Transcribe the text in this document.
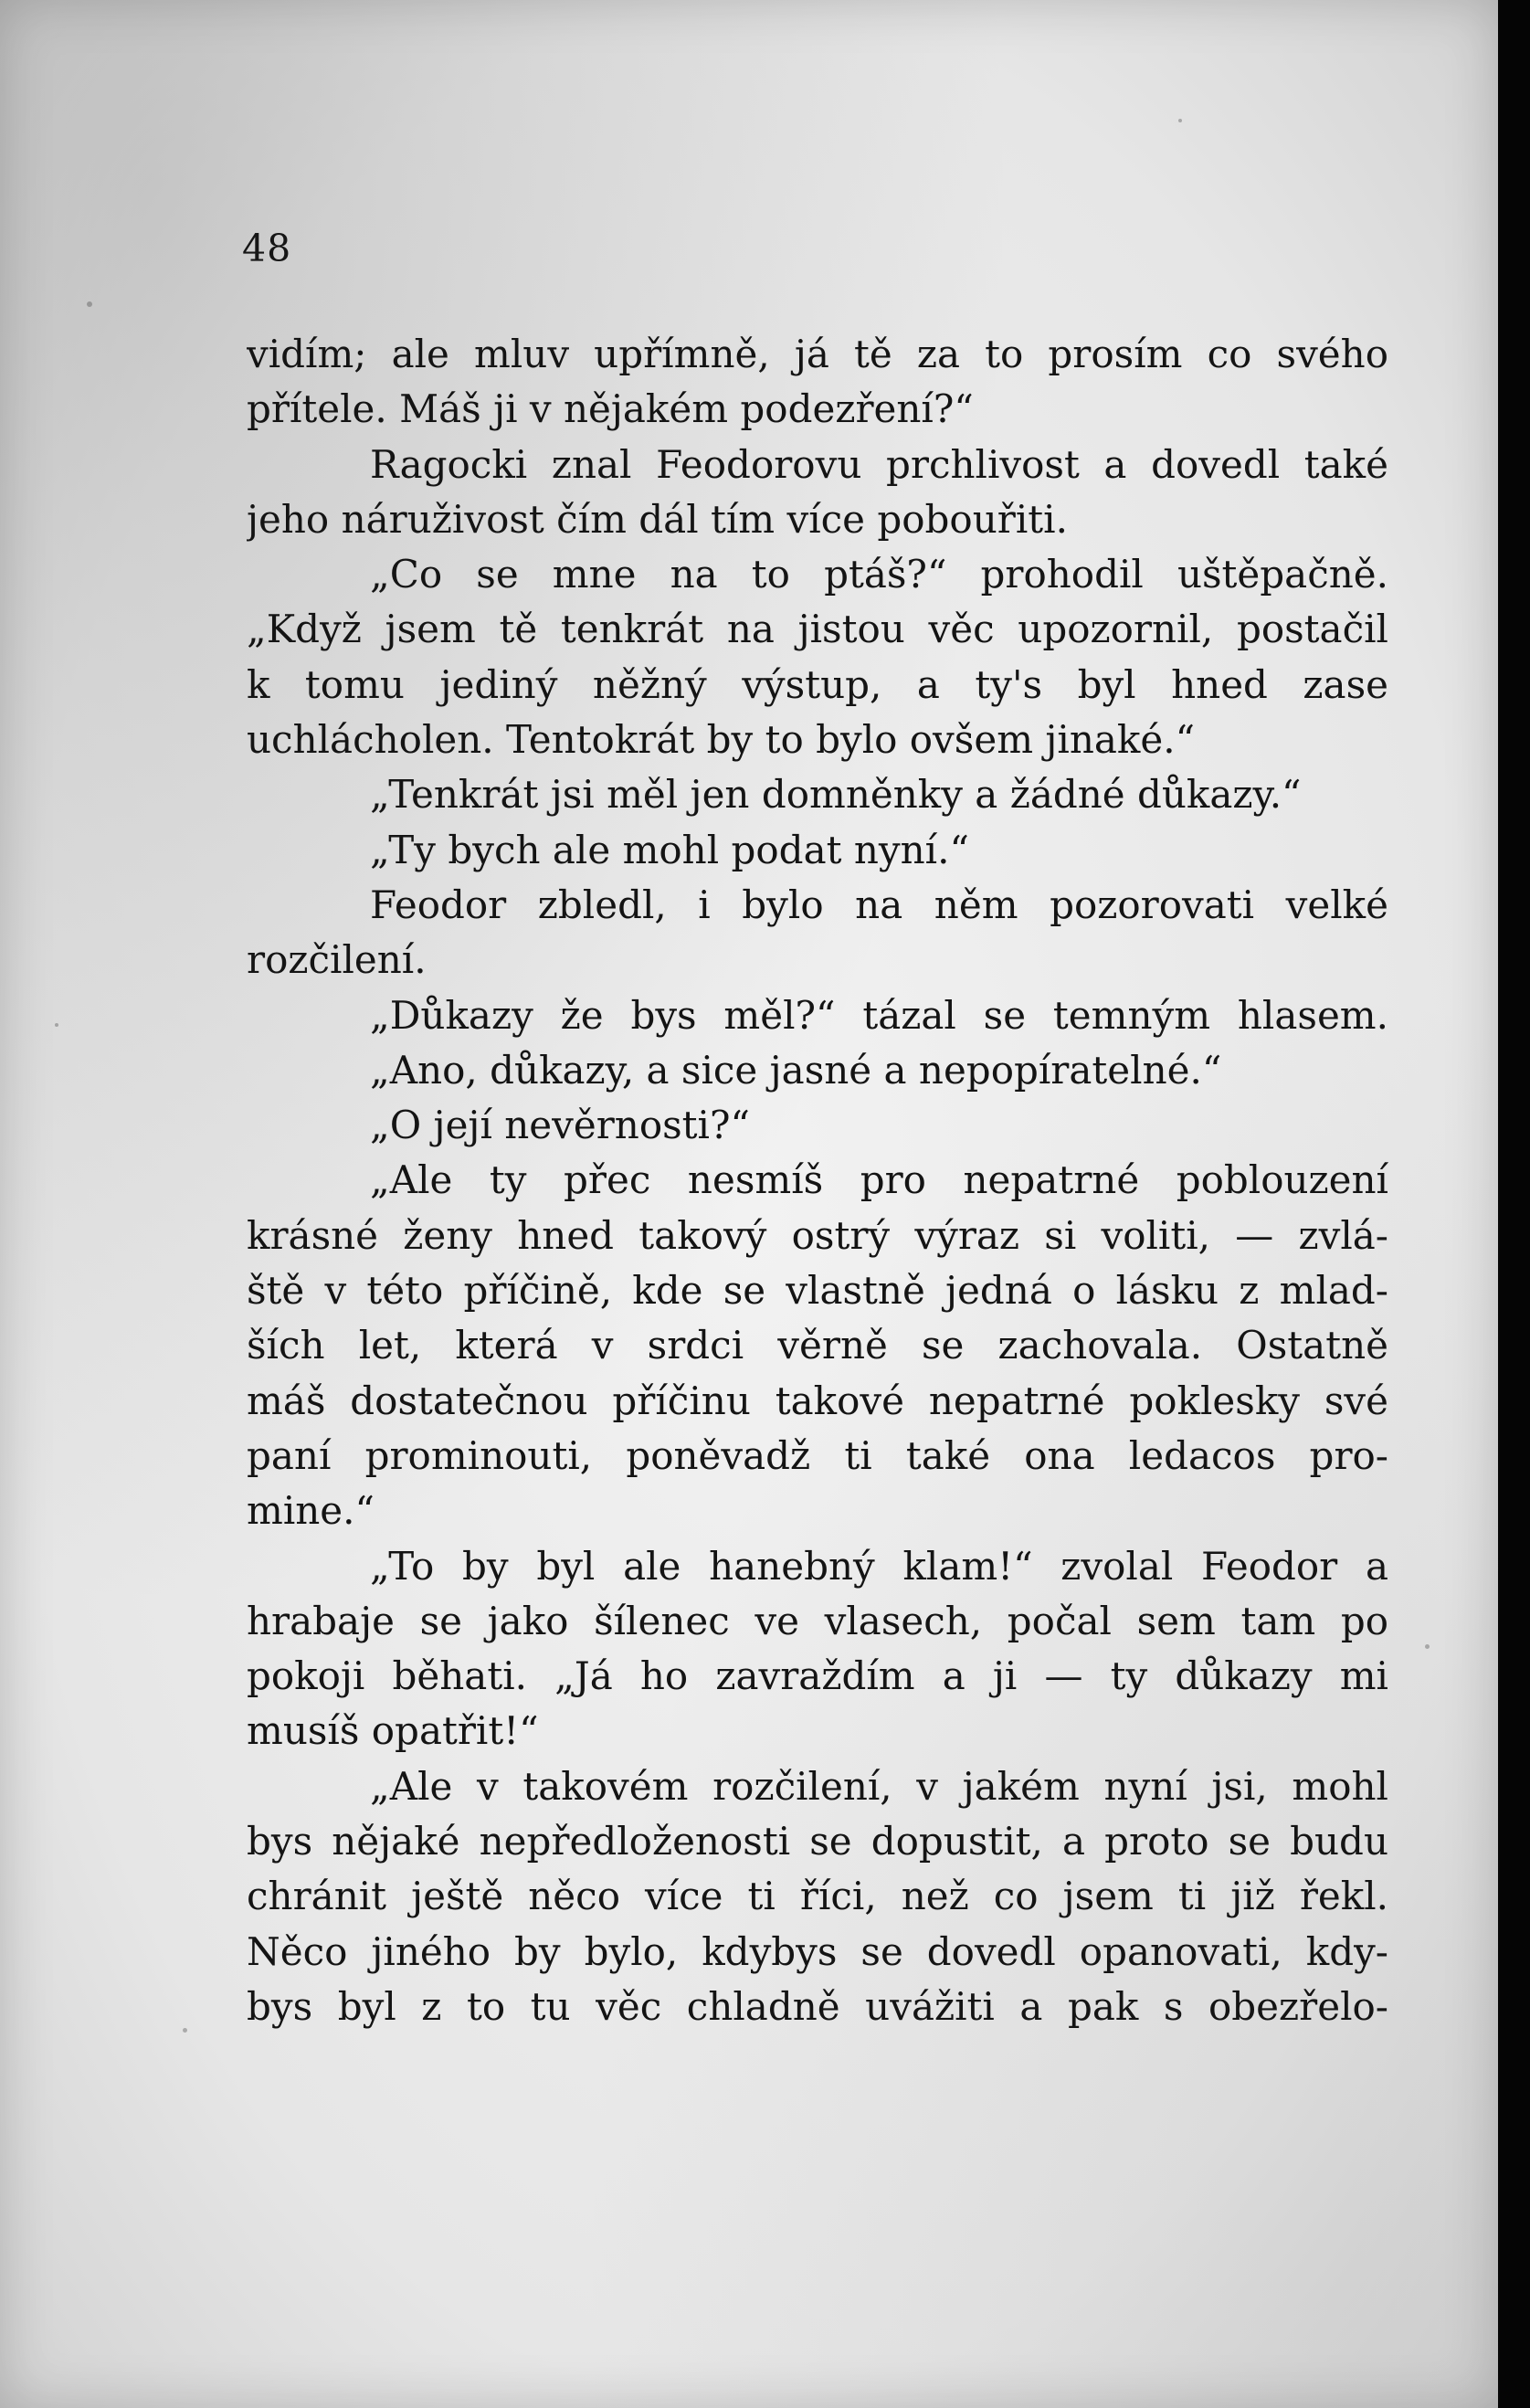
48
vidím; ale mluv upřímně, já tě za to prosím co svého
přítele. Máš ji v nějakém podezření?“
Ragocki znal Feodorovu prchlivost a dovedl také
jeho náruživost čím dál tím více pobouřiti.
„Co se mne na to ptáš?“ prohodil uštěpačně.
„Když jsem tě tenkrát na jistou věc upozornil, postačil
k tomu jediný něžný výstup, a ty's byl hned zase
uchlácholen. Tentokrát by to bylo ovšem jinaké.“
„Tenkrát jsi měl jen domněnky a žádné důkazy.“
„Ty bych ale mohl podat nyní.“
Feodor zbledl, i bylo na něm pozorovati velké
rozčilení.
„Důkazy že bys měl?“ tázal se temným hlasem.
„Ano, důkazy, a sice jasné a nepopíratelné.“
„O její nevěrnosti?“
„Ale ty přec nesmíš pro nepatrné poblouzení
krásné ženy hned takový ostrý výraz si voliti, — zvlá-
ště v této příčině, kde se vlastně jedná o lásku z mlad-
ších let, která v srdci věrně se zachovala. Ostatně
máš dostatečnou příčinu takové nepatrné poklesky své
paní prominouti, poněvadž ti také ona ledacos pro-
mine.“
„To by byl ale hanebný klam!“ zvolal Feodor a
hrabaje se jako šílenec ve vlasech, počal sem tam po
pokoji běhati. „Já ho zavraždím a ji — ty důkazy mi
musíš opatřit!“
„Ale v takovém rozčilení, v jakém nyní jsi, mohl
bys nějaké nepředloženosti se dopustit, a proto se budu
chránit ještě něco více ti říci, než co jsem ti již řekl.
Něco jiného by bylo, kdybys se dovedl opanovati, kdy-
bys byl z to tu věc chladně uvážiti a pak s obezřelo-
